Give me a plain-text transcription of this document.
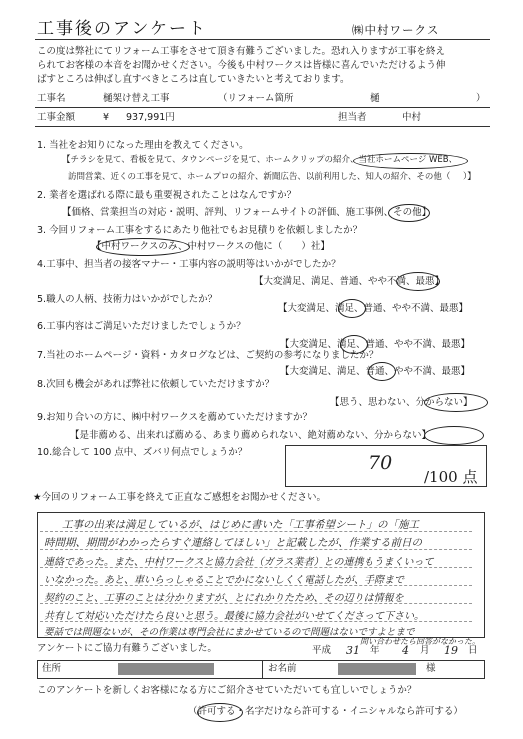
工事後のアンケート	㈱中村ワークス
この度は弊社にてリフォーム工事をさせて頂き有難うございました。恐れ入りますが工事を終え
られてお客様の本音をお聞かせください。今後も中村ワークスは皆様に喜んでいただけるよう伸
ばすところは伸ばし直すべきところは直していきたいと考えております。
工事名	樋架け替え工事	（リフォーム箇所	樋	）
工事金額	¥ 937,991円	担当者	中村
1. 当社をお知りになった理由を教えてください。
【チラシを見て、看板を見て、タウンページを見て、ホームクリップの紹介、当社ホームページ WEB、
訪問営業、近くの工事を見て、ホームプロの紹介、新聞広告、以前利用した、知人の紹介、その他（ ）】
2. 業者を選ばれる際に最も重要視されたことはなんですか？
【価格、営業担当の対応・説明、評判、リフォームサイトの評価、施工事例、その他】
3. 今回リフォーム工事をするにあたり他社でもお見積りを依頼しましたか？
【中村ワークスのみ、中村ワークスの他に（　　）社】
4.工事中、担当者の接客マナー・工事内容の説明等はいかがでしたか？
【大変満足、満足、普通、やや不満、最悪】
5.職人の人柄、技術力はいかがでしたか？
【大変満足、満足、普通、やや不満、最悪】
6.工事内容はご満足いただけましたでしょうか？
【大変満足、満足、普通、やや不満、最悪】
7.当社のホームページ・資料・カタログなどは、ご契約の参考になりましたか？
【大変満足、満足、普通、やや不満、最悪】
8.次回も機会があれば弊社に依頼していただけますか？
【思う、思わない、分からない】
9.お知り合いの方に、㈱中村ワークスを薦めていただけますか？
【是非薦める、出来れば薦める、あまり薦められない、絶対薦めない、分からない】
10.総合して 100 点中、ズバリ何点でしょうか？	70
/100 点
★今回のリフォーム工事を終えて正直なご感想をお聞かせください。
工事の出来は満足しているが、はじめに書いた「工事希望シート」の「施工
時間期、期間がわかったらすぐ連絡してほしい」と記載したが、作業する前日の
連絡であった。また、中村ワークスと協力会社（ガラス業者）との連携もうまくいって
いなかった。あと、車いらっしゃることでかにないしくく電話したが、手際まで
契約のこと、工事のことは分かりますが、とにれかりたため、その辺りは情報を
共有して対応いただけたら良いと思う。最後に協力会社がいせてくださって下さい。
要話では問題ないが、その作業は専門会社にまかせているので問題はないですよとまで
問い合わせたら回答がなかった。
アンケートにご協力有難うございました。	平成 31 年 4 月 19 日
住所	お名前	様
このアンケートを新しくお客様になる方にご紹介させていただいても宜しいでしょうか？
（許可する・名字だけなら許可する・イニシャルなら許可する）
